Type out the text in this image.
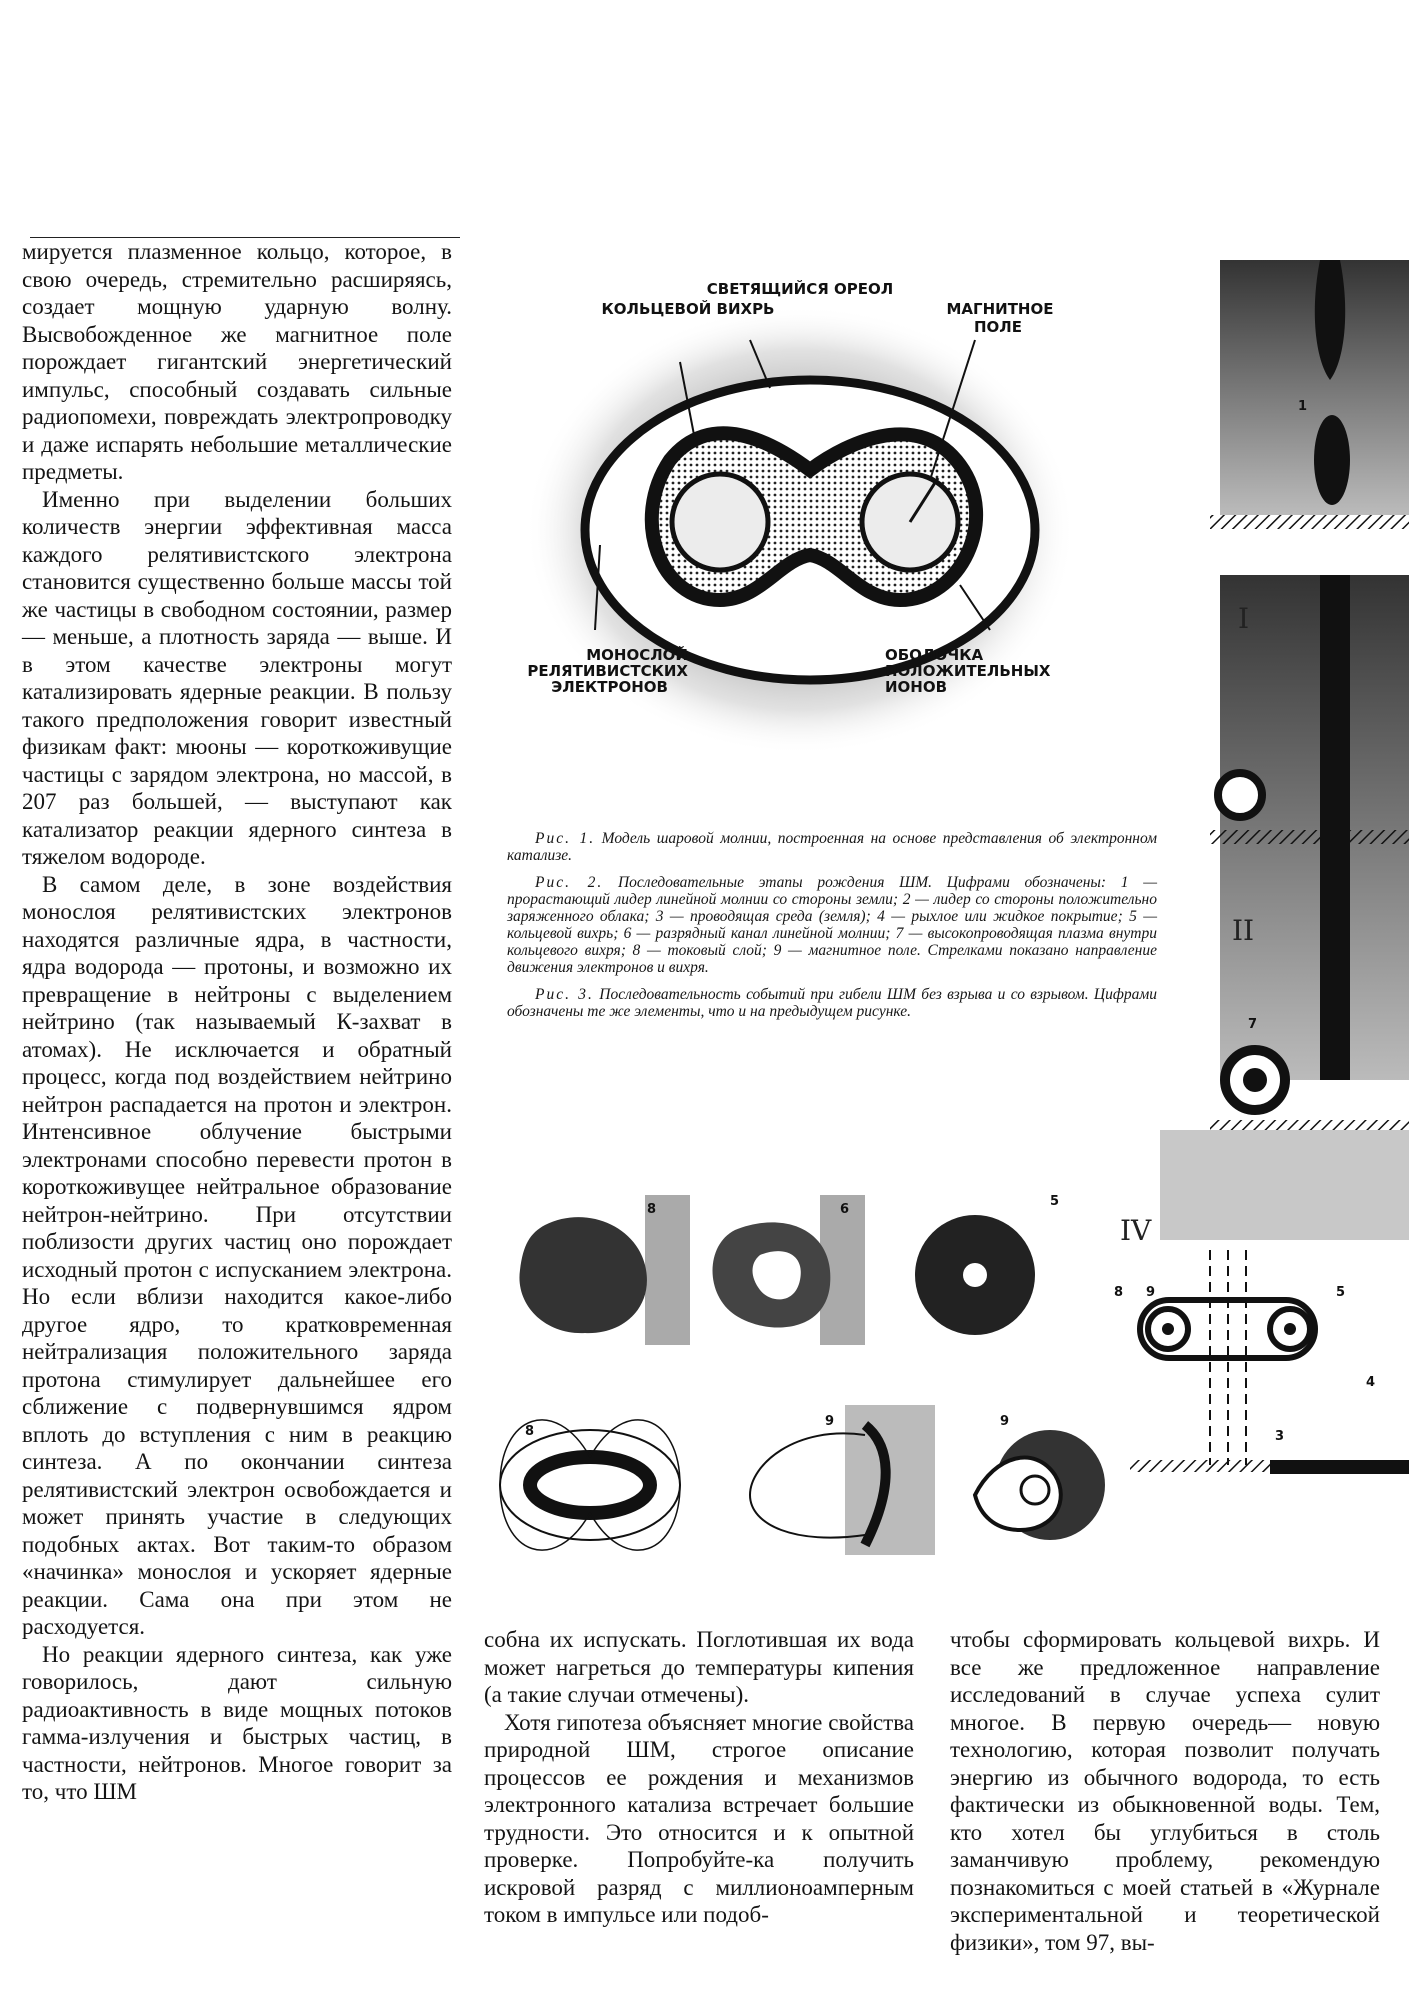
мируется плазменное кольцо, которое, в свою очередь, стремительно расширяясь, создает мощную ударную волну. Высвобожденное же магнитное поле порождает гигантский энергетический импульс, способный создавать сильные радиопомехи, повреждать электропроводку и даже испарять небольшие металлические предметы.

Именно при выделении больших количеств энергии эффективная масса каждого релятивистского электрона становится существенно больше массы той же частицы в свободном состоянии, размер — меньше, а плотность заряда — выше. И в этом качестве электроны могут катализировать ядерные реакции. В пользу такого предположения говорит известный физикам факт: мюоны — короткоживущие частицы с зарядом электрона, но массой, в 207 раз большей, — выступают как катализатор реакции ядерного синтеза в тяжелом водороде.

В самом деле, в зоне воздействия монослоя релятивистских электронов находятся различные ядра, в частности, ядра водорода — протоны, и возможно их превращение в нейтроны с выделением нейтрино (так называемый К-захват в атомах). Не исключается и обратный процесс, когда под воздействием нейтрино нейтрон распадается на протон и электрон. Интенсивное облучение быстрыми электронами способно перевести протон в короткоживущее нейтральное образование нейтрон-нейтрино. При отсутствии поблизости других частиц оно порождает исходный протон с испусканием электрона. Но если вблизи находится какое-либо другое ядро, то кратковременная нейтрализация положительного заряда протона стимулирует дальнейшее его сближение с подвернувшимся ядром вплоть до вступления с ним в реакцию синтеза. А по окончании синтеза релятивистский электрон освобождается и может принять участие в следующих подобных актах. Вот таким-то образом «начинка» монослоя и ускоряет ядерные реакции. Сама она при этом не расходуется.

Но реакции ядерного синтеза, как уже говорилось, дают сильную радиоактивность в виде мощных потоков гамма-излучения и быстрых частиц, в частности, нейтронов. Многое говорит за то, что ШМ

СВЕТЯЩИЙСЯ ОРЕОЛ
КОЛЬЦЕВОЙ ВИХРЬ	МАГНИТНОЕ
ПОЛЕ
МОНОСЛОЙ
РЕЛЯТИВИСТСКИХ
ЭЛЕКТРОНОВ
ОБОЛОЧКА
ПОЛОЖИТЕЛЬНЫХ
ИОНОВ

Рис. 1. Модель шаровой молнии, построенная на основе представления об электронном катализе.

Рис. 2. Последовательные этапы рождения ШМ. Цифрами обозначены: 1 — прорастающий лидер линейной молнии со стороны земли; 2 — лидер со стороны положительно заряженного облака; 3 — проводящая среда (земля); 4 — рыхлое или жидкое покрытие; 5 — кольцевой вихрь; 6 — разрядный канал линейной молнии; 7 — высокопроводящая плазма внутри кольцевого вихря; 8 — токовый слой; 9 — магнитное поле. Стрелками показано направление движения электронов и вихря.

Рис. 3. Последовательность событий при гибели ШМ без взрыва и со взрывом. Цифрами обозначены те же элементы, что и на предыдущем рисунке.

1
I
II
7
IV
8 9	5
4
3
8	6
5
8
9	9

собна их испускать. Поглотившая их вода может нагреться до температуры кипения (а такие случаи отмечены).

Хотя гипотеза объясняет многие свойства природной ШМ, строгое описание процессов ее рождения и механизмов электронного катализа встречает большие трудности. Это относится и к опытной проверке. Попробуйте-ка получить искровой разряд с миллионоамперным током в импульсе или подоб-

чтобы сформировать кольцевой вихрь. И все же предложенное направление исследований в случае успеха сулит многое. В первую очередь— новую технологию, которая позволит получать энергию из обычного водорода, то есть фактически из обыкновенной воды. Тем, кто хотел бы углубиться в столь заманчивую проблему, рекомендую познакомиться с моей статьей в «Журнале экспериментальной и теоретической физики», том 97, вы-
